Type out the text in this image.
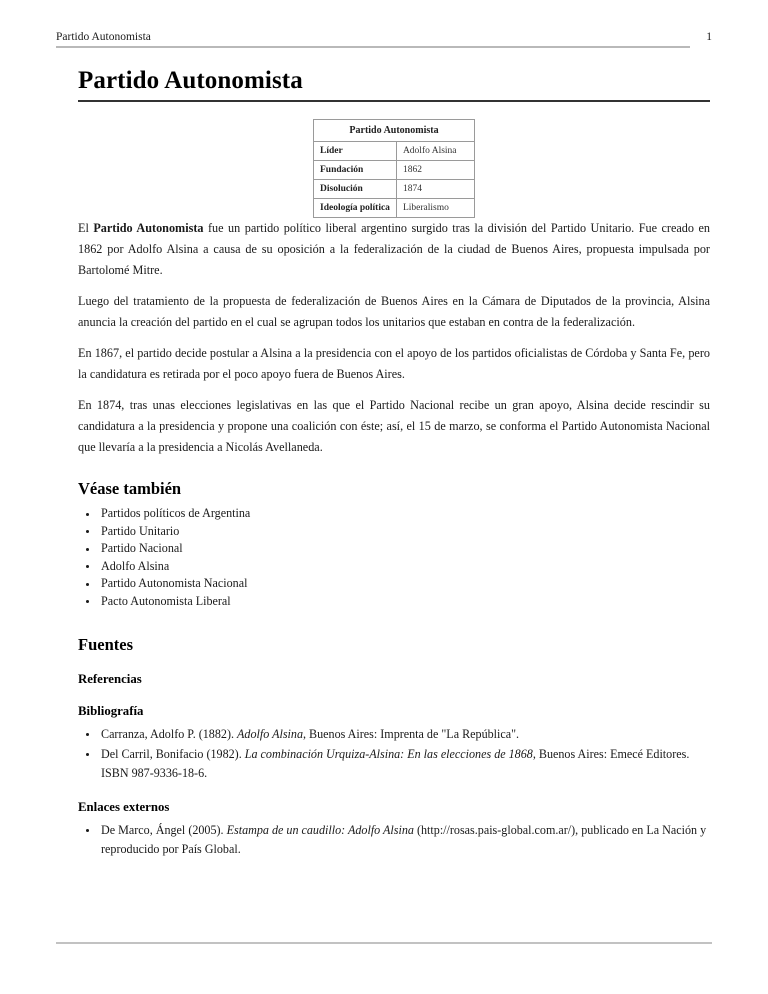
Partido Autonomista	1
Partido Autonomista
Partido Autonomista	
Líder	Adolfo Alsina
Fundación	1862
Disolución	1874
Ideología política	Liberalismo

El Partido Autonomista fue un partido político liberal argentino surgido tras la división del Partido Unitario. Fue creado en 1862 por Adolfo Alsina a causa de su oposición a la federalización de la ciudad de Buenos Aires, propuesta impulsada por Bartolomé Mitre.

Luego del tratamiento de la propuesta de federalización de Buenos Aires en la Cámara de Diputados de la provincia, Alsina anuncia la creación del partido en el cual se agrupan todos los unitarios que estaban en contra de la federalización.

En 1867, el partido decide postular a Alsina a la presidencia con el apoyo de los partidos oficialistas de Córdoba y Santa Fe, pero la candidatura es retirada por el poco apoyo fuera de Buenos Aires.

En 1874, tras unas elecciones legislativas en las que el Partido Nacional recibe un gran apoyo, Alsina decide rescindir su candidatura a la presidencia y propone una coalición con éste; así, el 15 de marzo, se conforma el Partido Autonomista Nacional que llevaría a la presidencia a Nicolás Avellaneda.

Véase también
Partidos políticos de Argentina
Partido Unitario
Partido Nacional
Adolfo Alsina
Partido Autonomista Nacional
Pacto Autonomista Liberal
Fuentes
Referencias
Bibliografía
Carranza, Adolfo P. (1882). Adolfo Alsina, Buenos Aires: Imprenta de "La República".
Del Carril, Bonifacio (1982). La combinación Urquiza-Alsina: En las elecciones de 1868, Buenos Aires: Emecé Editores. ISBN 987-9336-18-6.
Enlaces externos
De Marco, Ángel (2005). Estampa de un caudillo: Adolfo Alsina (http://rosas.pais-global.com.ar/), publicado en La Nación y reproducido por País Global.
